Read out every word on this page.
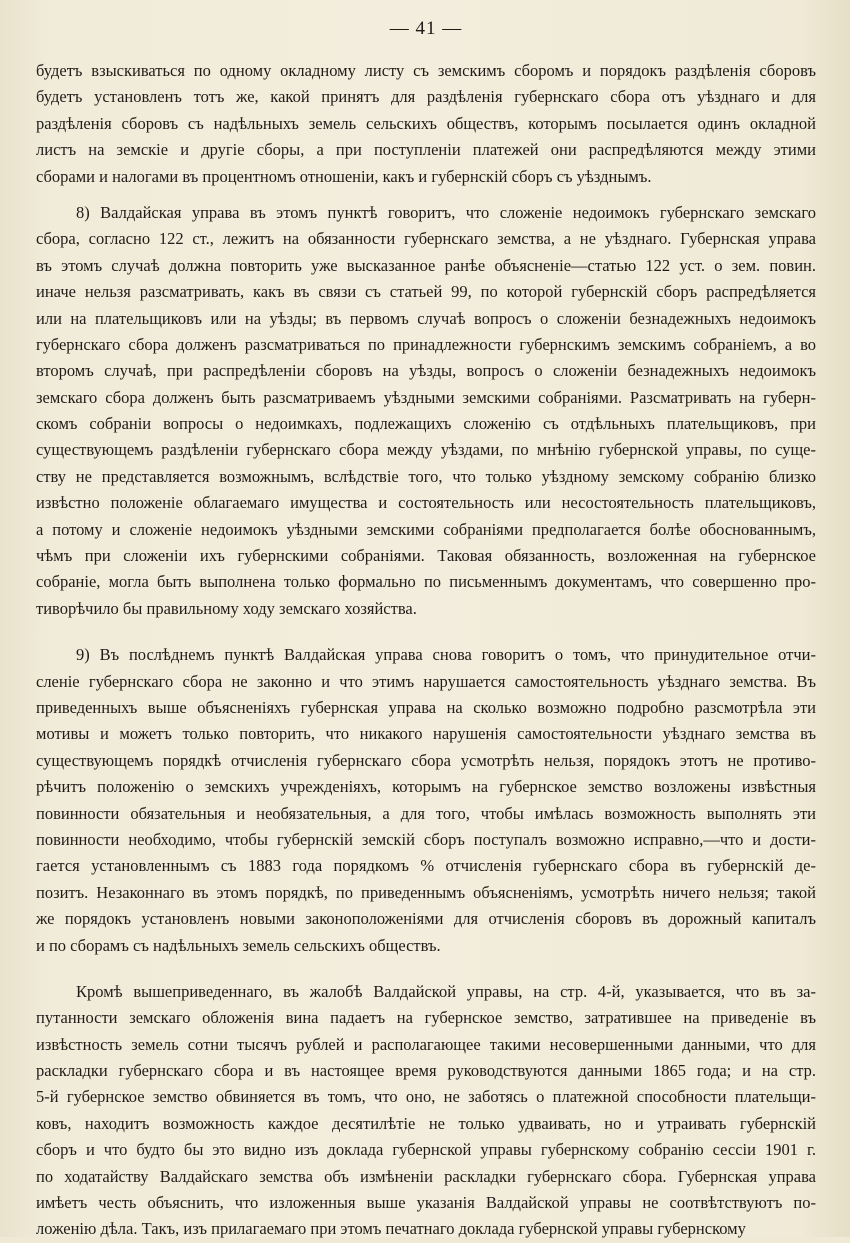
— 41 —
будетъ взыскиваться по одному окладному листу съ земскимъ сборомъ и порядокъ раздѣленія сборовъ
будетъ установленъ тотъ же, какой принятъ для раздѣленія губернскаго сбора отъ уѣзднаго и для
раздѣленія сборовъ съ надѣльныхъ земель сельскихъ обществъ, которымъ посылается одинъ окладной
листъ на земскіе и другіе сборы, а при поступленіи платежей они распредѣляются между этими
сборами и налогами въ процентномъ отношеніи, какъ и губернскій сборъ съ уѣзднымъ.
8) Валдайская управа въ этомъ пунктѣ говоритъ, что сложеніе недоимокъ губернскаго земскаго
сбора, согласно 122 ст., лежитъ на обязанности губернскаго земства, а не уѣзднаго. Губернская управа
въ этомъ случаѣ должна повторить уже высказанное ранѣе объясненіе—статью 122 уст. о зем. повин.
иначе нельзя разсматривать, какъ въ связи съ статьей 99, по которой губернскій сборъ распредѣляется
или на плательщиковъ или на уѣзды; въ первомъ случаѣ вопросъ о сложеніи безнадежныхъ недоимокъ
губернскаго сбора долженъ разсматриваться по принадлежности губернскимъ земскимъ собраніемъ, а во
второмъ случаѣ, при распредѣленіи сборовъ на уѣзды, вопросъ о сложеніи безнадежныхъ недоимокъ
земскаго сбора долженъ быть разсматриваемъ уѣздными земскими собраніями. Разсматривать на губерн-
скомъ собраніи вопросы о недоимкахъ, подлежащихъ сложенію съ отдѣльныхъ плательщиковъ, при
существующемъ раздѣленіи губернскаго сбора между уѣздами, по мнѣнію губернской управы, по суще-
ству не представляется возможнымъ, вслѣдствіе того, что только уѣздному земскому собранію близко
извѣстно положеніе облагаемаго имущества и состоятельность или несостоятельность плательщиковъ,
а потому и сложеніе недоимокъ уѣздными земскими собраніями предполагается болѣе обоснованнымъ,
чѣмъ при сложеніи ихъ губернскими собраніями. Таковая обязанность, возложенная на губернское
собраніе, могла быть выполнена только формально по письменнымъ документамъ, что совершенно про-
тиворѣчило бы правильному ходу земскаго хозяйства.
9) Въ послѣднемъ пунктѣ Валдайская управа снова говоритъ о томъ, что принудительное отчи-
сленіе губернскаго сбора не законно и что этимъ нарушается самостоятельность уѣзднаго земства. Въ
приведенныхъ выше объясненіяхъ губернская управа на сколько возможно подробно разсмотрѣла эти
мотивы и можетъ только повторить, что никакого нарушенія самостоятельности уѣзднаго земства въ
существующемъ порядкѣ отчисленія губернскаго сбора усмотрѣть нельзя, порядокъ этотъ не противо-
рѣчитъ положенію о земскихъ учрежденіяхъ, которымъ на губернское земство возложены извѣстныя
повинности обязательныя и необязательныя, а для того, чтобы имѣлась возможность выполнять эти
повинности необходимо, чтобы губернскій земскій сборъ поступалъ возможно исправно,—что и дости-
гается установленнымъ съ 1883 года порядкомъ % отчисленія губернскаго сбора въ губернскій де-
позитъ. Незаконнаго въ этомъ порядкѣ, по приведеннымъ объясненіямъ, усмотрѣть ничего нельзя; такой
же порядокъ установленъ новыми законоположеніями для отчисленія сборовъ въ дорожный капиталъ
и по сборамъ съ надѣльныхъ земель сельскихъ обществъ.
Кромѣ вышеприведеннаго, въ жалобѣ Валдайской управы, на стр. 4-й, указывается, что въ за-
путанности земскаго обложенія вина падаетъ на губернское земство, затратившее на приведеніе въ
извѣстность земель сотни тысячъ рублей и располагающее такими несовершенными данными, что для
раскладки губернскаго сбора и въ настоящее время руководствуются данными 1865 года; и на стр.
5-й губернское земство обвиняется въ томъ, что оно, не заботясь о платежной способности плательщи-
ковъ, находитъ возможность каждое десятилѣтіе не только удваивать, но и утраивать губернскій
сборъ и что будто бы это видно изъ доклада губернской управы губернскому собранію сессіи 1901 г.
по ходатайству Валдайскаго земства объ измѣненіи раскладки губернскаго сбора. Губернская управа
имѣетъ честь объяснить, что изложенныя выше указанія Валдайской управы не соотвѣтствуютъ по-
ложенію дѣла. Такъ, изъ прилагаемаго при этомъ печатнаго доклада губернской управы губернскому
